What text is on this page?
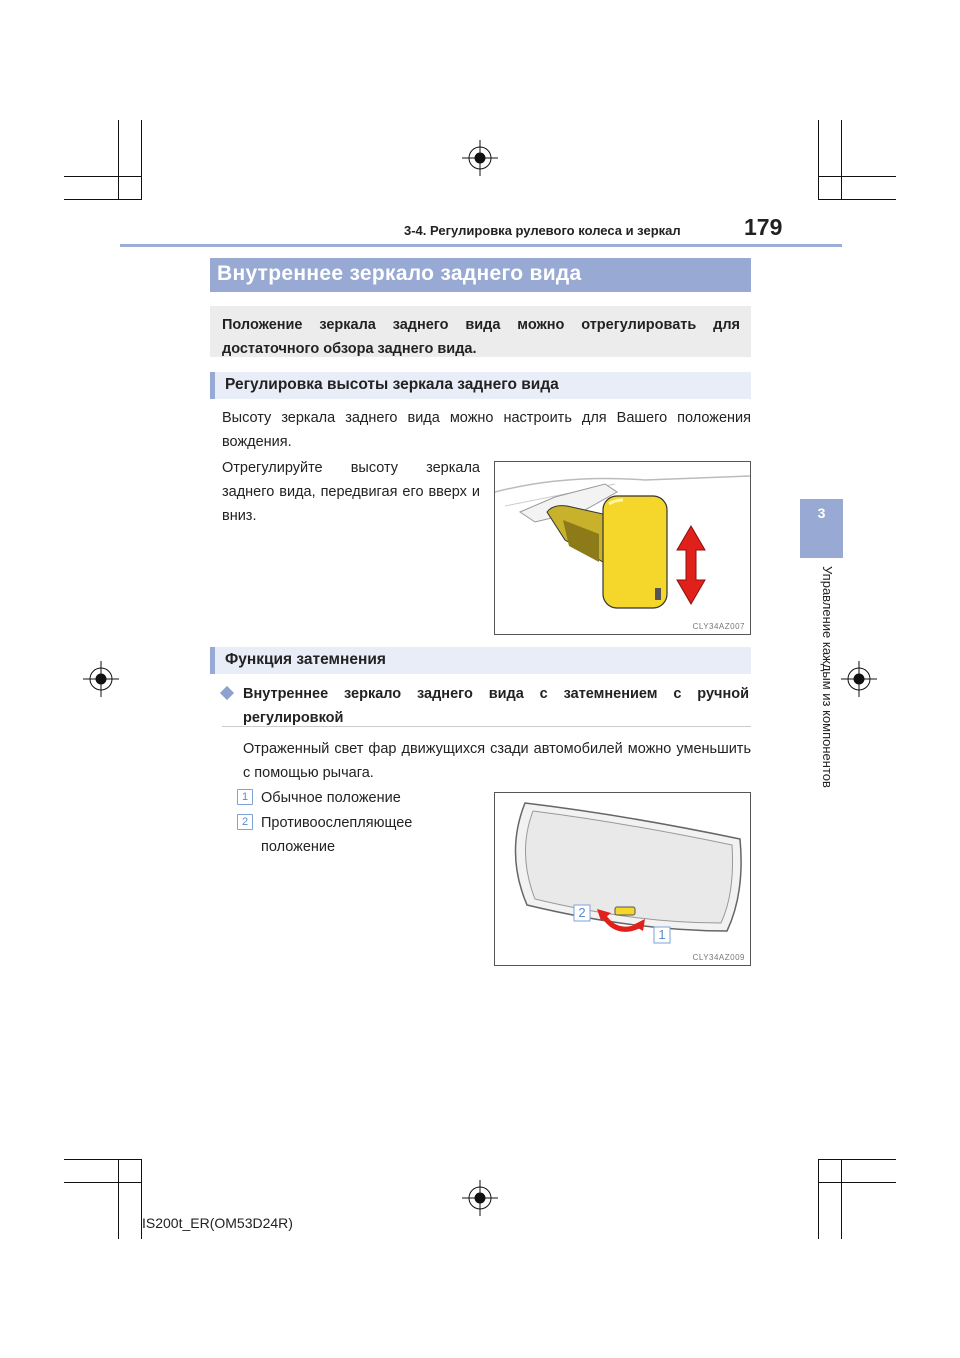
3-4. Регулировка рулевого колеса и зеркал	179
3
Управление каждым из компонентов
Внутреннее зеркало заднего вида
Положение зеркала заднего вида можно отрегулировать для достаточного обзора заднего вида.
Регулировка высоты зеркала заднего вида
Высоту зеркала заднего вида можно настроить для Вашего положения вождения.
Отрегулируйте высоту зеркала заднего вида, передвигая его вверх и вниз.
CLY34AZ007
Функция затемнения
Внутреннее зеркало заднего вида с затемнением с ручной регулировкой
Отраженный свет фар движущихся сзади автомобилей можно уменьшить с помощью рычага.
1 Обычное положение
2 Противоослепляющее положение
2
1
CLY34AZ009
IS200t_ER(OM53D24R)
